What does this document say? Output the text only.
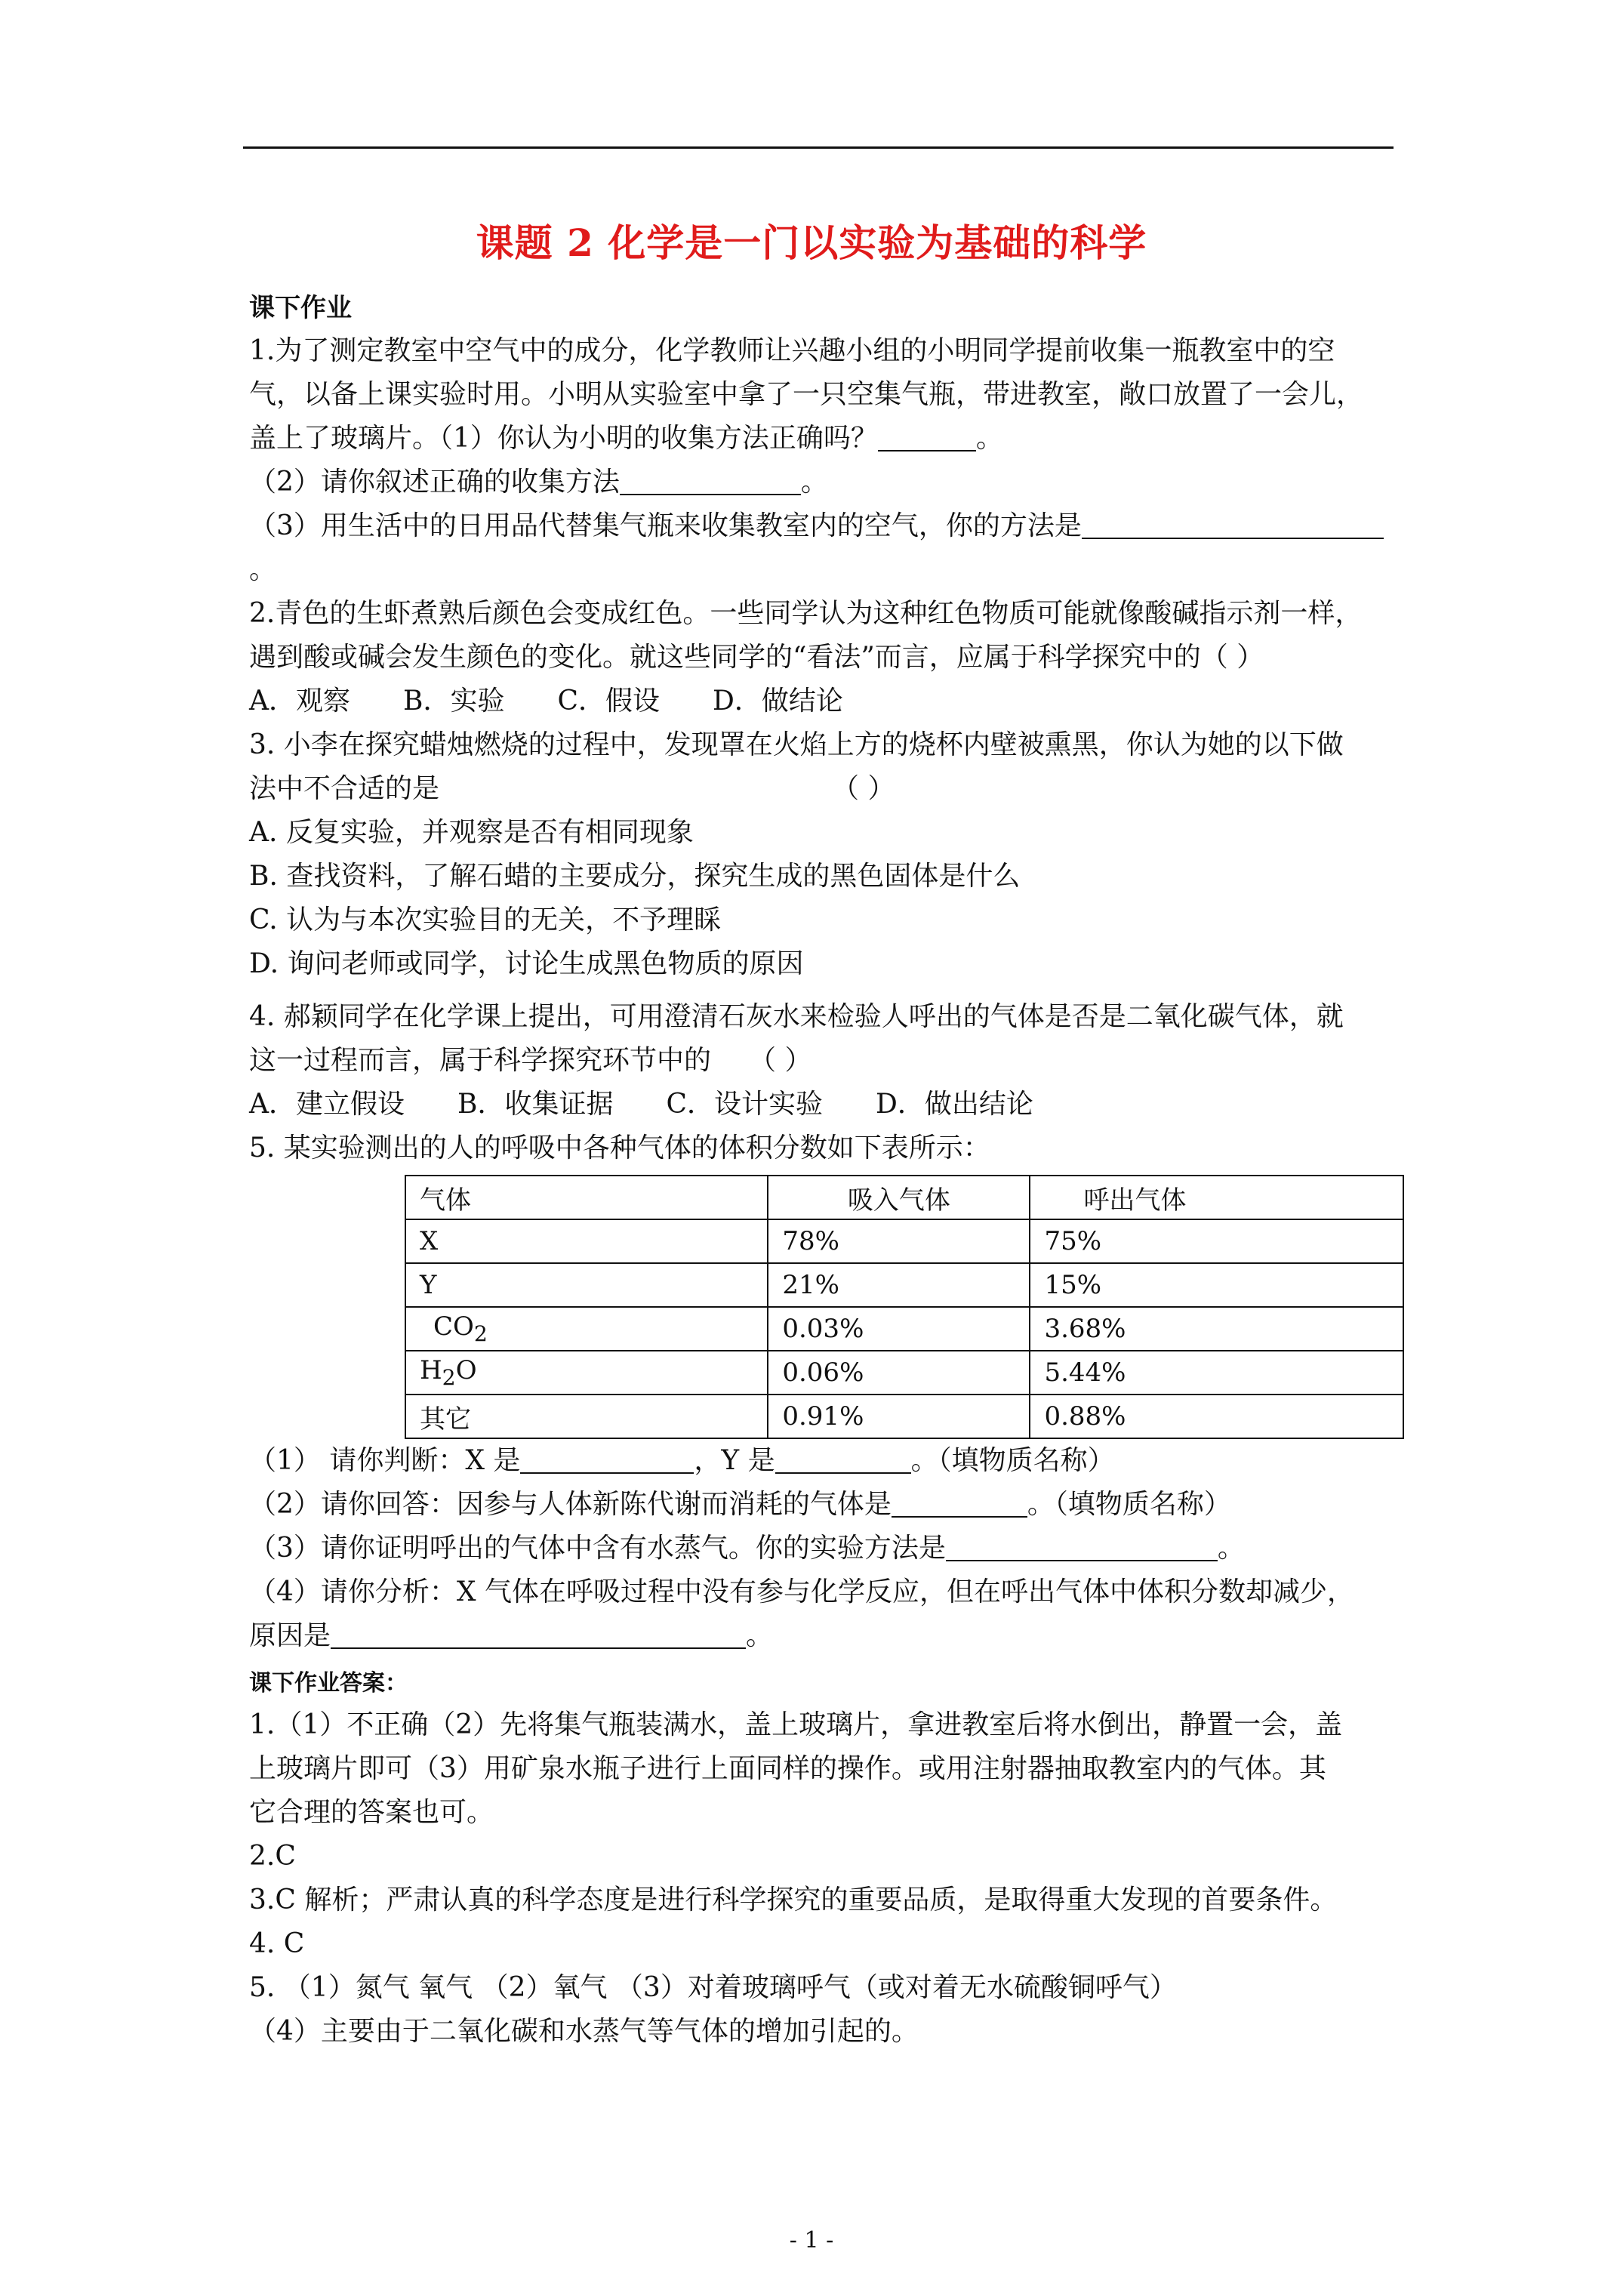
课题 2 化学是一门以实验为基础的科学
课下作业

1.为了测定教室中空气中的成分，化学教师让兴趣小组的小明同学提前收集一瓶教室中的空

气，以备上课实验时用。小明从实验室中拿了一只空集气瓶，带进教室，敞口放置了一会儿，

盖上了玻璃片。（1）你认为小明的收集方法正确吗？	。

（2）请你叙述正确的收集方法	。

（3）用生活中的日用品代替集气瓶来收集教室内的空气，你的方法是。

2.青色的生虾煮熟后颜色会变成红色。一些同学认为这种红色物质可能就像酸碱指示剂一样，

遇到酸或碱会发生颜色的变化。就这些同学的“看法”而言，应属于科学探究中的（ ）

A．观察 B．实验 C．假设 D．做结论

3. 小李在探究蜡烛燃烧的过程中，发现罩在火焰上方的烧杯内壁被熏黑，你认为她的以下做

法中不合适的是	（ ）

A. 反复实验，并观察是否有相同现象

B. 查找资料，了解石蜡的主要成分，探究生成的黑色固体是什么

C. 认为与本次实验目的无关，不予理睬

D. 询问老师或同学，讨论生成黑色物质的原因

4. 郝颖同学在化学课上提出，可用澄清石灰水来检验人呼出的气体是否是二氧化碳气体，就

这一过程而言，属于科学探究环节中的 （ ）

A．建立假设 B．收集证据 C．设计实验 D．做出结论

5. 某实验测出的人的呼吸中各种气体的体积分数如下表所示：

气体	吸入气体	呼出气体
X	78%	75%
Y	21%	15%
$CO_2$	0.03%	3.68%
$H_2O$	0.06%	5.44%
其它	0.91%	0.88%

（1） 请你判断：X 是	，Y 是	。（填物质名称）

（2）请你回答：因参与人体新陈代谢而消耗的气体是	。（填物质名称）

（3）请你证明呼出的气体中含有水蒸气。你的实验方法是	。

（4）请你分析：X 气体在呼吸过程中没有参与化学反应，但在呼出气体中体积分数却减少，

原因是	。

课下作业答案：

1.（1）不正确（2）先将集气瓶装满水，盖上玻璃片，拿进教室后将水倒出，静置一会，盖

上玻璃片即可（3）用矿泉水瓶子进行上面同样的操作。或用注射器抽取教室内的气体。其

它合理的答案也可。

2.C

3.C 解析；严肃认真的科学态度是进行科学探究的重要品质，是取得重大发现的首要条件。

4. C

5. （1）氮气 氧气 （2）氧气 （3）对着玻璃呼气（或对着无水硫酸铜呼气）

（4）主要由于二氧化碳和水蒸气等气体的增加引起的。

- 1 -
